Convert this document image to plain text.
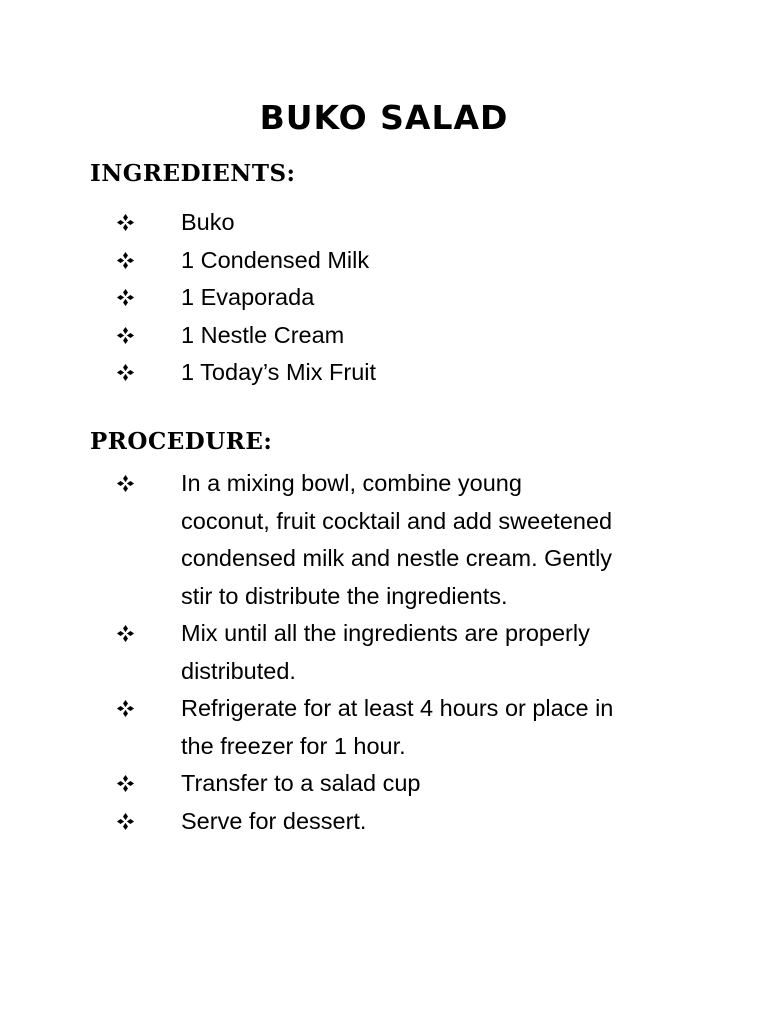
BUKO SALAD
INGREDIENTS:
Buko
1 Condensed Milk
1 Evaporada
1 Nestle Cream
1 Today’s Mix Fruit
PROCEDURE:
In a mixing bowl, combine young
coconut, fruit cocktail and add sweetened
condensed milk and nestle cream. Gently
stir to distribute the ingredients.
Mix until all the ingredients are properly
distributed.
Refrigerate for at least 4 hours or place in
the freezer for 1 hour.
Transfer to a salad cup
Serve for dessert.
